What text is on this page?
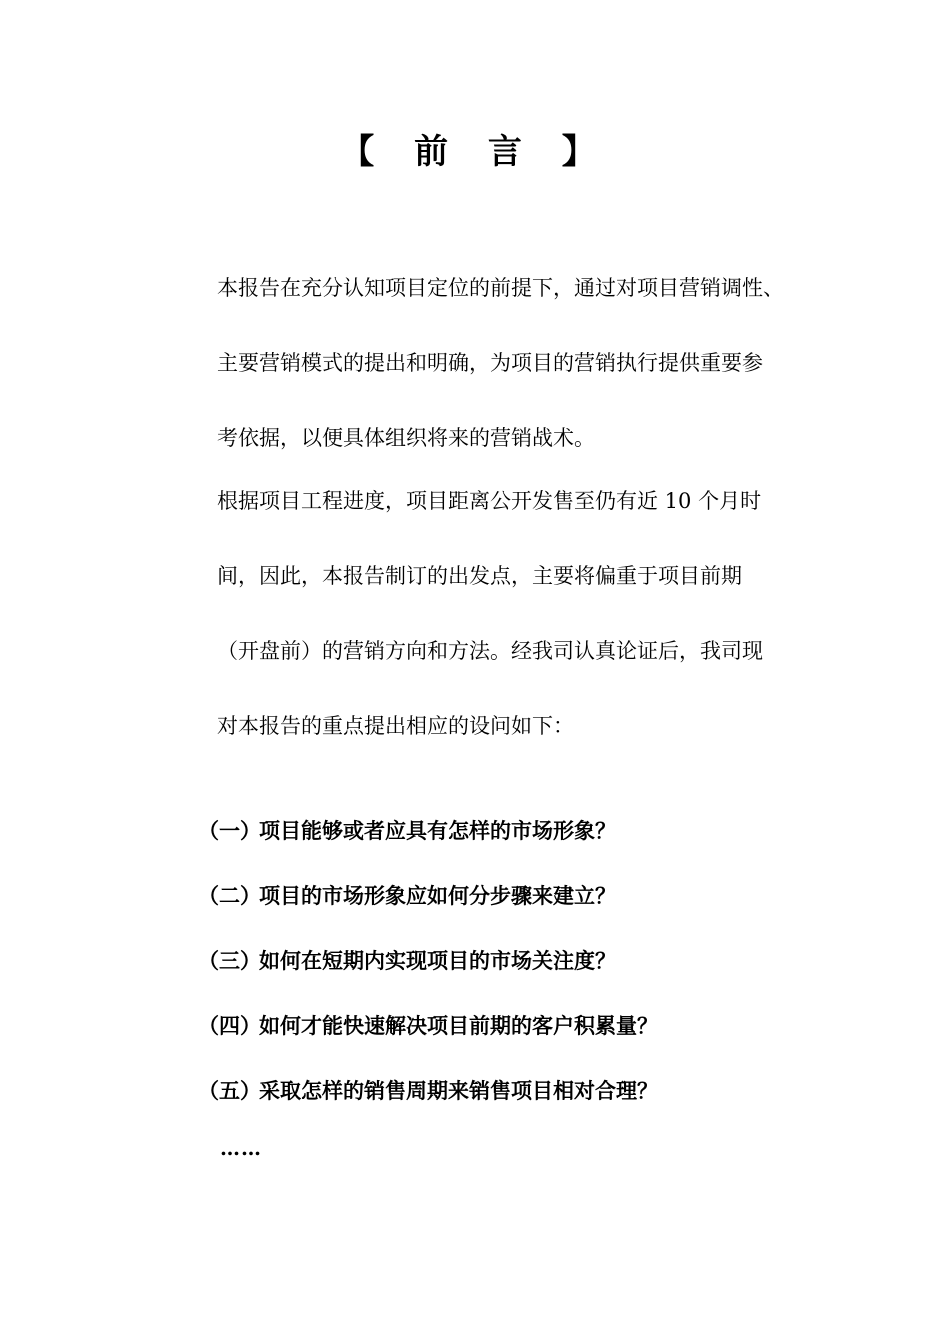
【 前 言 】
本报告在充分认知项目定位的前提下，通过对项目营销调性、
主要营销模式的提出和明确，为项目的营销执行提供重要参
考依据，以便具体组织将来的营销战术。
根据项目工程进度，项目距离公开发售至仍有近 10 个月时
间，因此，本报告制订的出发点，主要将偏重于项目前期
（开盘前）的营销方向和方法。经我司认真论证后，我司现
对本报告的重点提出相应的设问如下：
（一）
项目能够或者应具有怎样的市场形象？
（二）
项目的市场形象应如何分步骤来建立？
（三）
如何在短期内实现项目的市场关注度？
（四）
如何才能快速解决项目前期的客户积累量？
（五）
采取怎样的销售周期来销售项目相对合理？
……
